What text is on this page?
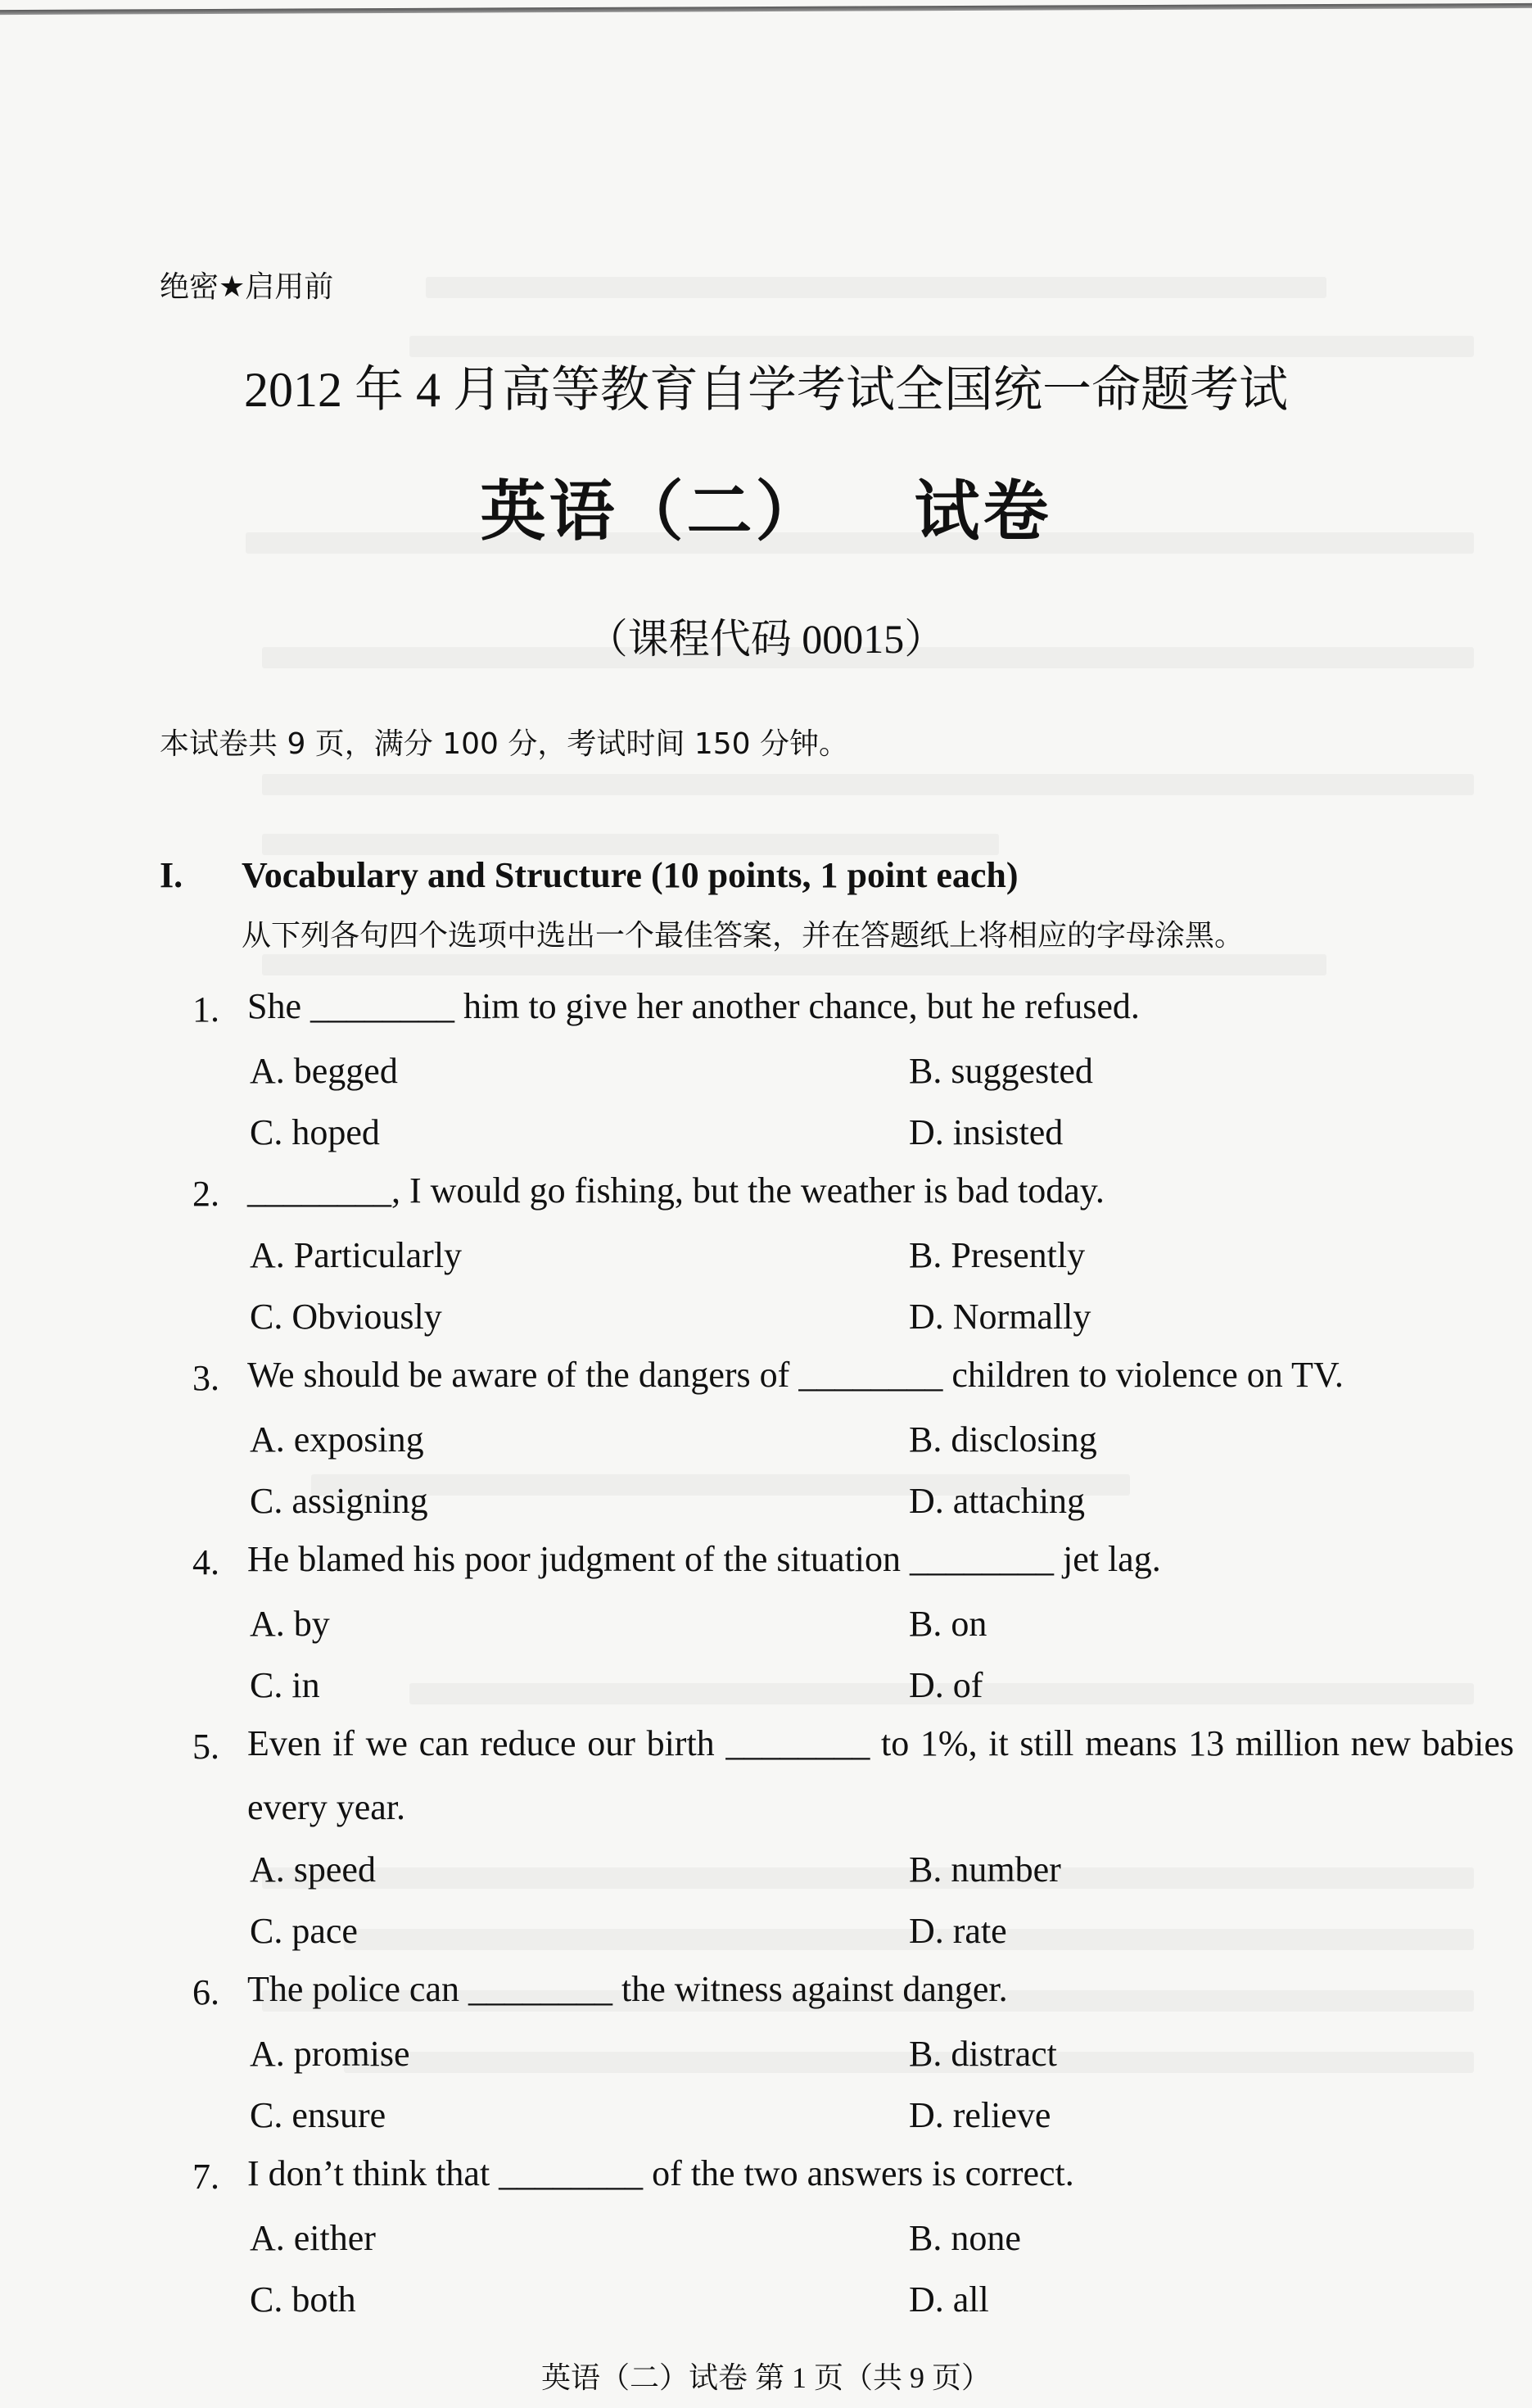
绝密★启用前
2012 年 4 月高等教育自学考试全国统一命题考试
英语（二） 试卷
（课程代码 00015）
本试卷共 9 页，满分 100 分，考试时间 150 分钟。
I. Vocabulary and Structure (10 points, 1 point each)
从下列各句四个选项中选出一个最佳答案，并在答题纸上将相应的字母涂黑。
1. She ________ him to give her another chance, but he refused.
A. begged	B. suggested
C. hoped	D. insisted
2. ________, I would go fishing, but the weather is bad today.
A. Particularly	B. Presently
C. Obviously	D. Normally
3. We should be aware of the dangers of ________ children to violence on TV.
A. exposing	B. disclosing
C. assigning	D. attaching
4. He blamed his poor judgment of the situation ________ jet lag.
A. by	B. on
C. in	D. of
5. Even if we can reduce our birth ________ to 1%, it still means 13 million new babies every year.
A. speed	B. number
C. pace	D. rate
6. The police can ________ the witness against danger.
A. promise	B. distract
C. ensure	D. relieve
7. I don’t think that ________ of the two answers is correct.
A. either	B. none
C. both	D. all
英语（二）试卷 第 1 页（共 9 页）
